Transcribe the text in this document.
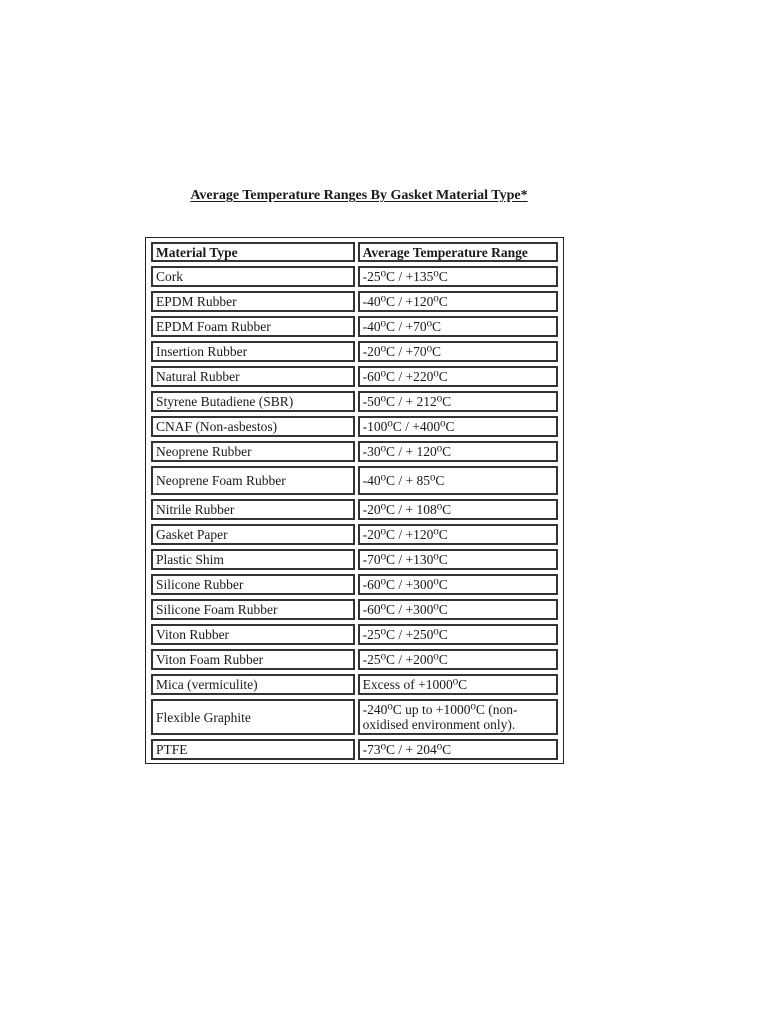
Average Temperature Ranges By Gasket Material Type*
Material Type	Average Temperature Range
Cork	-25⁰C / +135⁰C
EPDM Rubber	-40⁰C / +120⁰C
EPDM Foam Rubber	-40⁰C / +70⁰C
Insertion Rubber	-20⁰C / +70⁰C
Natural Rubber	-60⁰C / +220⁰C
Styrene Butadiene (SBR)	-50⁰C / + 212⁰C
CNAF (Non-asbestos)	-100⁰C / +400⁰C
Neoprene Rubber	-30⁰C / + 120⁰C
Neoprene Foam Rubber	-40⁰C / + 85⁰C
Nitrile Rubber	-20⁰C / + 108⁰C
Gasket Paper	-20⁰C / +120⁰C
Plastic Shim	-70⁰C / +130⁰C
Silicone Rubber	-60⁰C / +300⁰C
Silicone Foam Rubber	-60⁰C / +300⁰C
Viton Rubber	-25⁰C / +250⁰C
Viton Foam Rubber	-25⁰C / +200⁰C
Mica (vermiculite)	Excess of +1000⁰C
Flexible Graphite	-240⁰C up to +1000⁰C (non-oxidised environment only).
PTFE	-73⁰C / + 204⁰C
